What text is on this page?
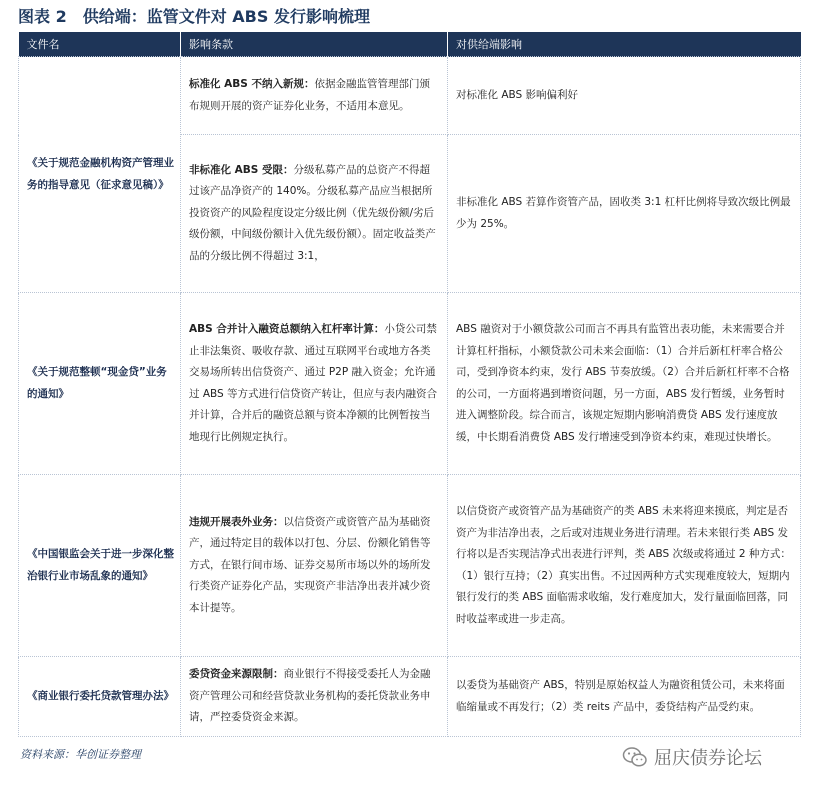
图表 2　供给端：监管文件对 ABS 发行影响梳理
文件名	影响条款	对供给端影响
《关于规范金融机构资产管理业务的指导意见（征求意见稿）》	标准化 ABS 不纳入新规：依据金融监管管理部门颁布规则开展的资产证券化业务，不适用本意见。	对标准化 ABS 影响偏利好
	非标准化 ABS 受限：分级私募产品的总资产不得超过该产品净资产的 140%。分级私募产品应当根据所投资资产的风险程度设定分级比例（优先级份额/劣后级份额，中间级份额计入优先级份额）。固定收益类产品的分级比例不得超过 3:1，	非标准化 ABS 若算作资管产品，固收类 3:1 杠杆比例将导致次级比例最少为 25%。
《关于规范整顿“现金贷”业务的通知》	ABS 合并计入融资总额纳入杠杆率计算：小贷公司禁止非法集资、吸收存款、通过互联网平台或地方各类交易场所转出信贷资产、通过 P2P 融入资金；允许通过 ABS 等方式进行信贷资产转让，但应与表内融资合并计算，合并后的融资总额与资本净额的比例暂按当地现行比例规定执行。	ABS 融资对于小额贷款公司而言不再具有监管出表功能，未来需要合并计算杠杆指标，小额贷款公司未来会面临：（1）合并后新杠杆率合格公司，受到净资本约束，发行 ABS 节奏放缓。（2）合并后新杠杆率不合格的公司，一方面将遇到增资问题，另一方面，ABS 发行暂缓，业务暂时进入调整阶段。综合而言，该规定短期内影响消费贷 ABS 发行速度放缓，中长期看消费贷 ABS 发行增速受到净资本约束，难现过快增长。
《中国银监会关于进一步深化整治银行业市场乱象的通知》	违规开展表外业务：以信贷资产或资管产品为基础资产，通过特定目的载体以打包、分层、份额化销售等方式，在银行间市场、证券交易所市场以外的场所发行类资产证券化产品，实现资产非洁净出表并减少资本计提等。	以信贷资产或资管产品为基础资产的类 ABS 未来将迎来摸底，判定是否资产为非洁净出表，之后或对违规业务进行清理。若未来银行类 ABS 发行将以是否实现洁净式出表进行评判，类 ABS 次级或将通过 2 种方式：（1）银行互持；（2）真实出售。不过因两种方式实现难度较大，短期内银行发行的类 ABS 面临需求收缩，发行难度加大，发行量面临回落，同时收益率或进一步走高。
《商业银行委托贷款管理办法》	委贷资金来源限制：商业银行不得接受委托人为金融资产管理公司和经营贷款业务机构的委托贷款业务申请，严控委贷资金来源。	以委贷为基础资产 ABS，特别是原始权益人为融资租赁公司，未来将面临缩量或不再发行；（2）类 reits 产品中，委贷结构产品受约束。
资料来源：华创证券整理	屈庆债券论坛
